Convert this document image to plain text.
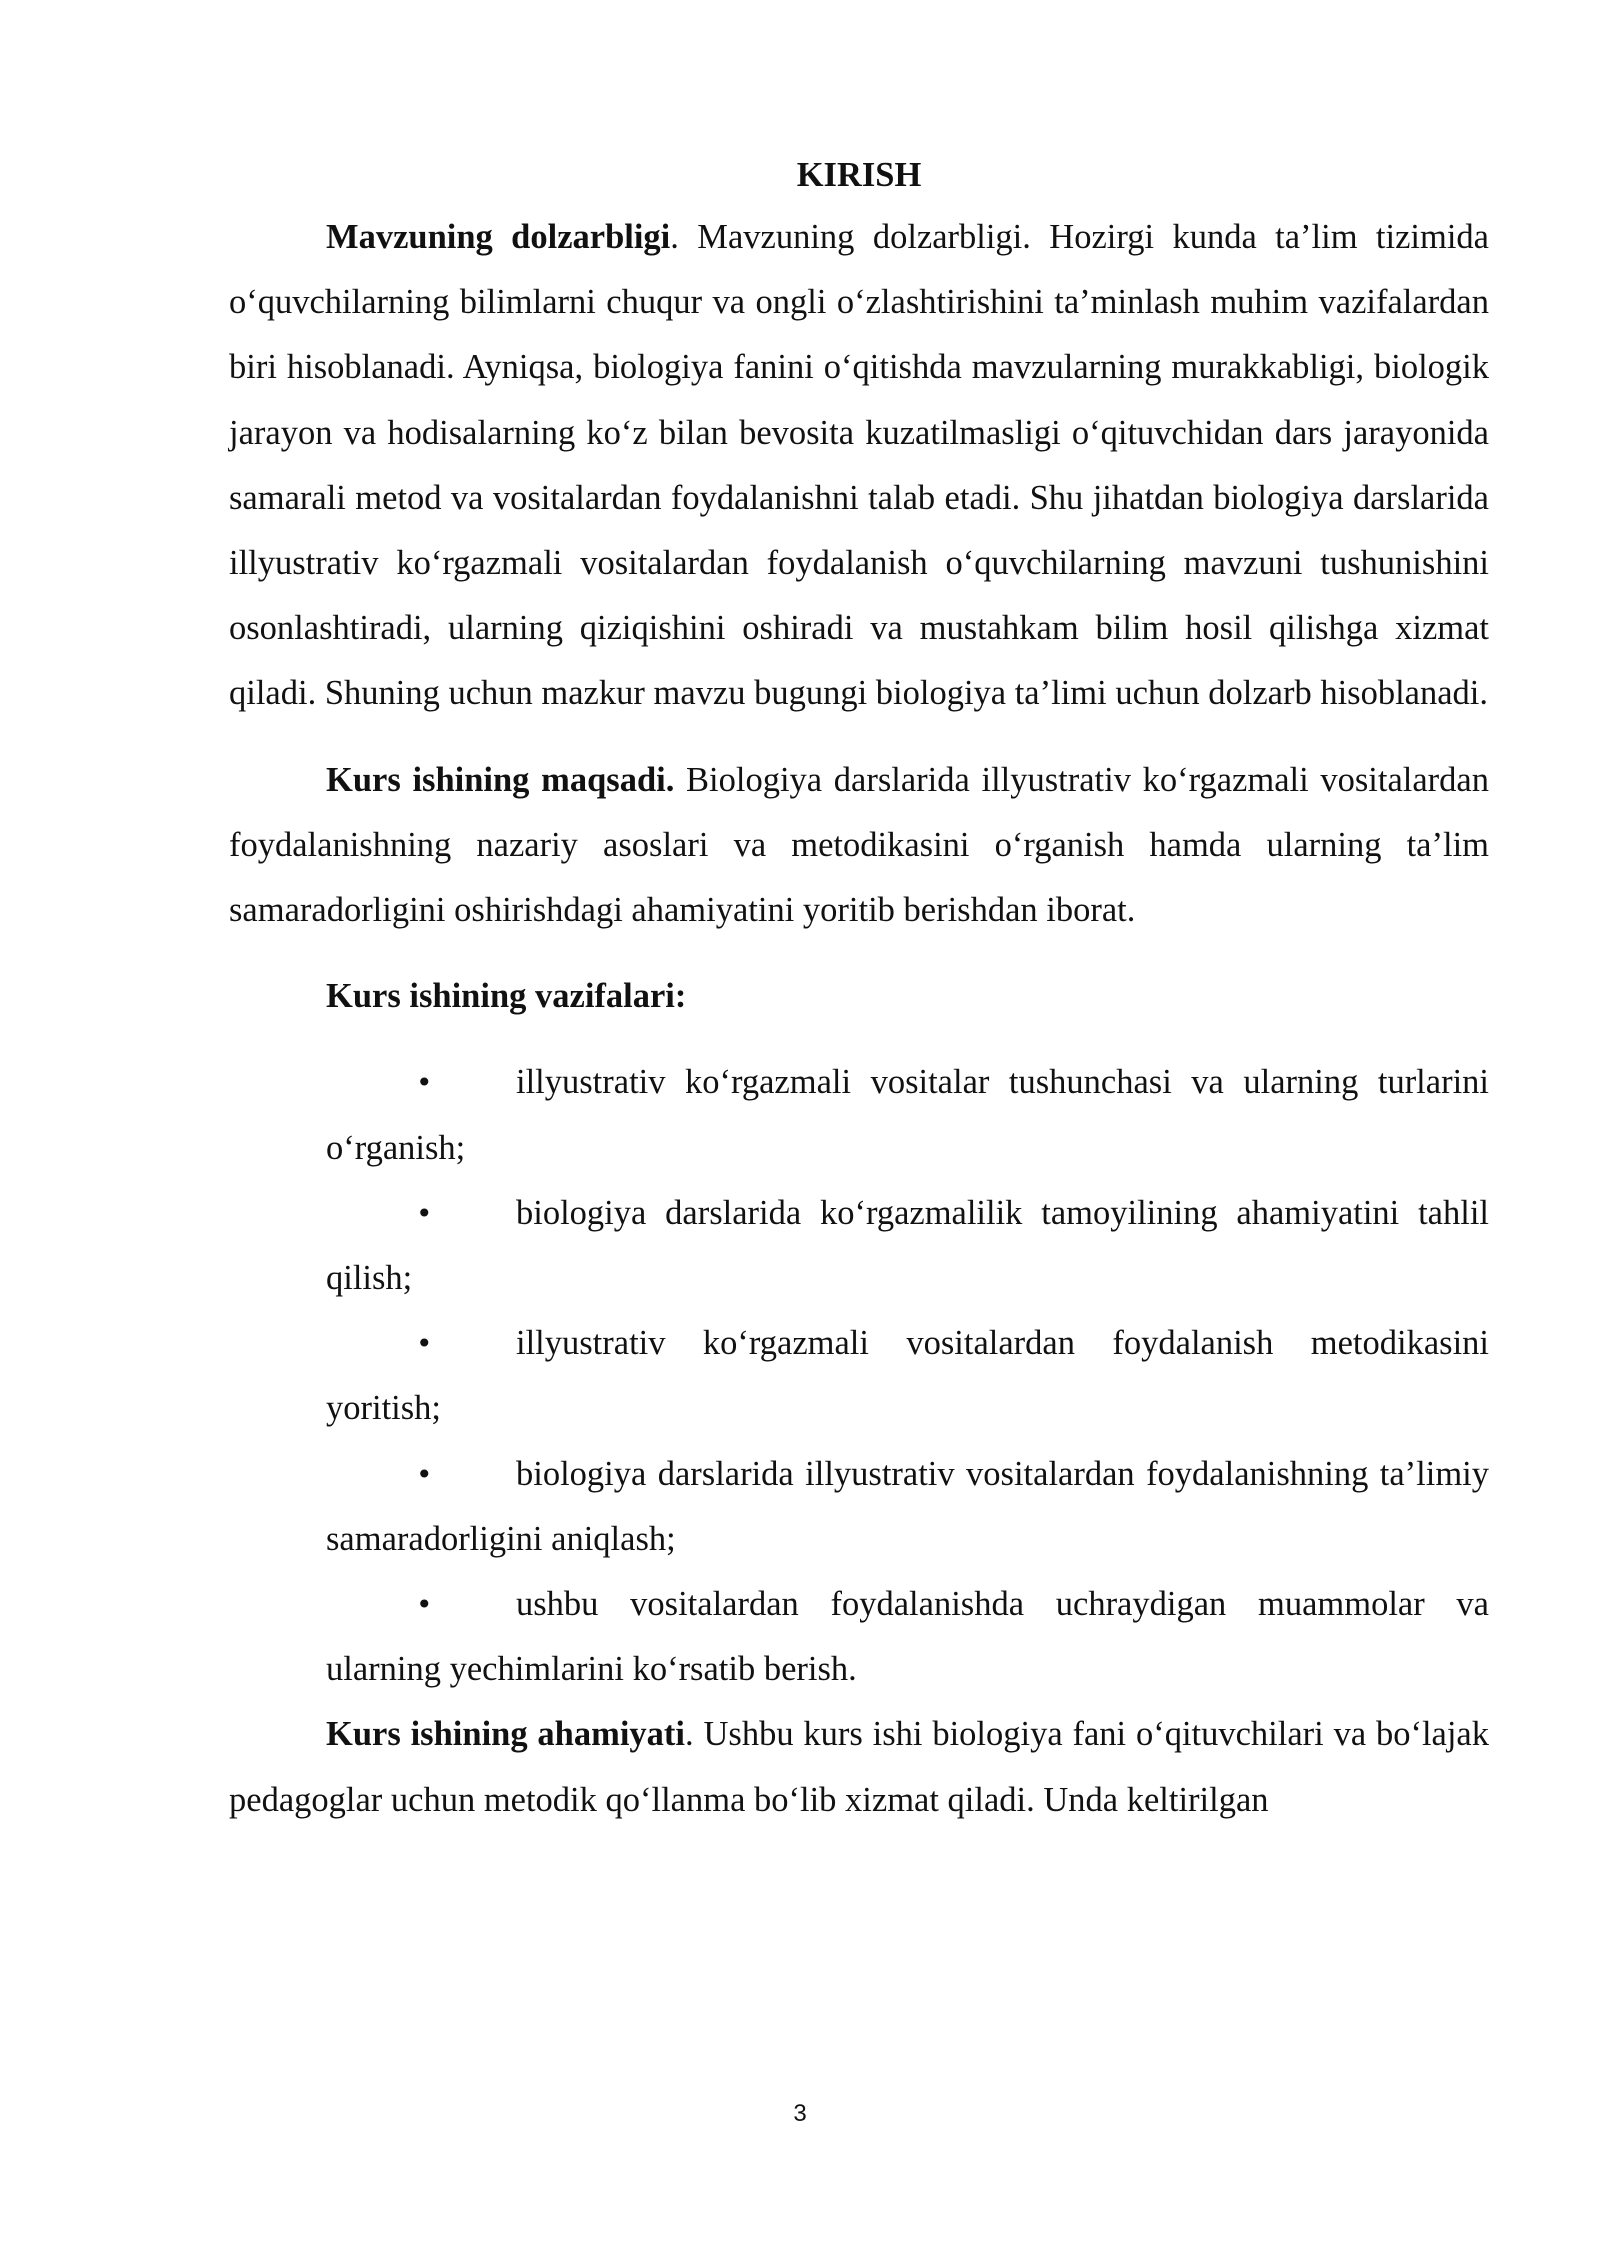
KIRISH

Mavzuning dolzarbligi. Mavzuning dolzarbligi. Hozirgi kunda ta’lim tizimida o‘quvchilarning bilimlarni chuqur va ongli o‘zlashtirishini ta’minlash muhim vazifalardan biri hisoblanadi. Ayniqsa, biologiya fanini o‘qitishda mavzularning murakkabligi, biologik jarayon va hodisalarning ko‘z bilan bevosita kuzatilmasligi o‘qituvchidan dars jarayonida samarali metod va vositalardan foydalanishni talab etadi. Shu jihatdan biologiya darslarida illyustrativ ko‘rgazmali vositalardan foydalanish o‘quvchilarning mavzuni tushunishini osonlashtiradi, ularning qiziqishini oshiradi va mustahkam bilim hosil qilishga xizmat qiladi. Shuning uchun mazkur mavzu bugungi biologiya ta’limi uchun dolzarb hisoblanadi.

Kurs ishining maqsadi. Biologiya darslarida illyustrativ ko‘rgazmali vositalardan foydalanishning nazariy asoslari va metodikasini o‘rganish hamda ularning ta’lim samaradorligini oshirishdagi ahamiyatini yoritib berishdan iborat.

Kurs ishining vazifalari:
• illyustrativ ko‘rgazmali vositalar tushunchasi va ularning turlarini o‘rganish;
• biologiya darslarida ko‘rgazmalilik tamoyilining ahamiyatini tahlil qilish;
• illyustrativ ko‘rgazmali vositalardan foydalanish metodikasini yoritish;
• biologiya darslarida illyustrativ vositalardan foydalanishning ta’limiy samaradorligini aniqlash;
• ushbu vositalardan foydalanishda uchraydigan muammolar va ularning yechimlarini ko‘rsatib berish.

Kurs ishining ahamiyati. Ushbu kurs ishi biologiya fani o‘qituvchilari va bo‘lajak pedagoglar uchun metodik qo‘llanma bo‘lib xizmat qiladi. Unda keltirilgan

3
